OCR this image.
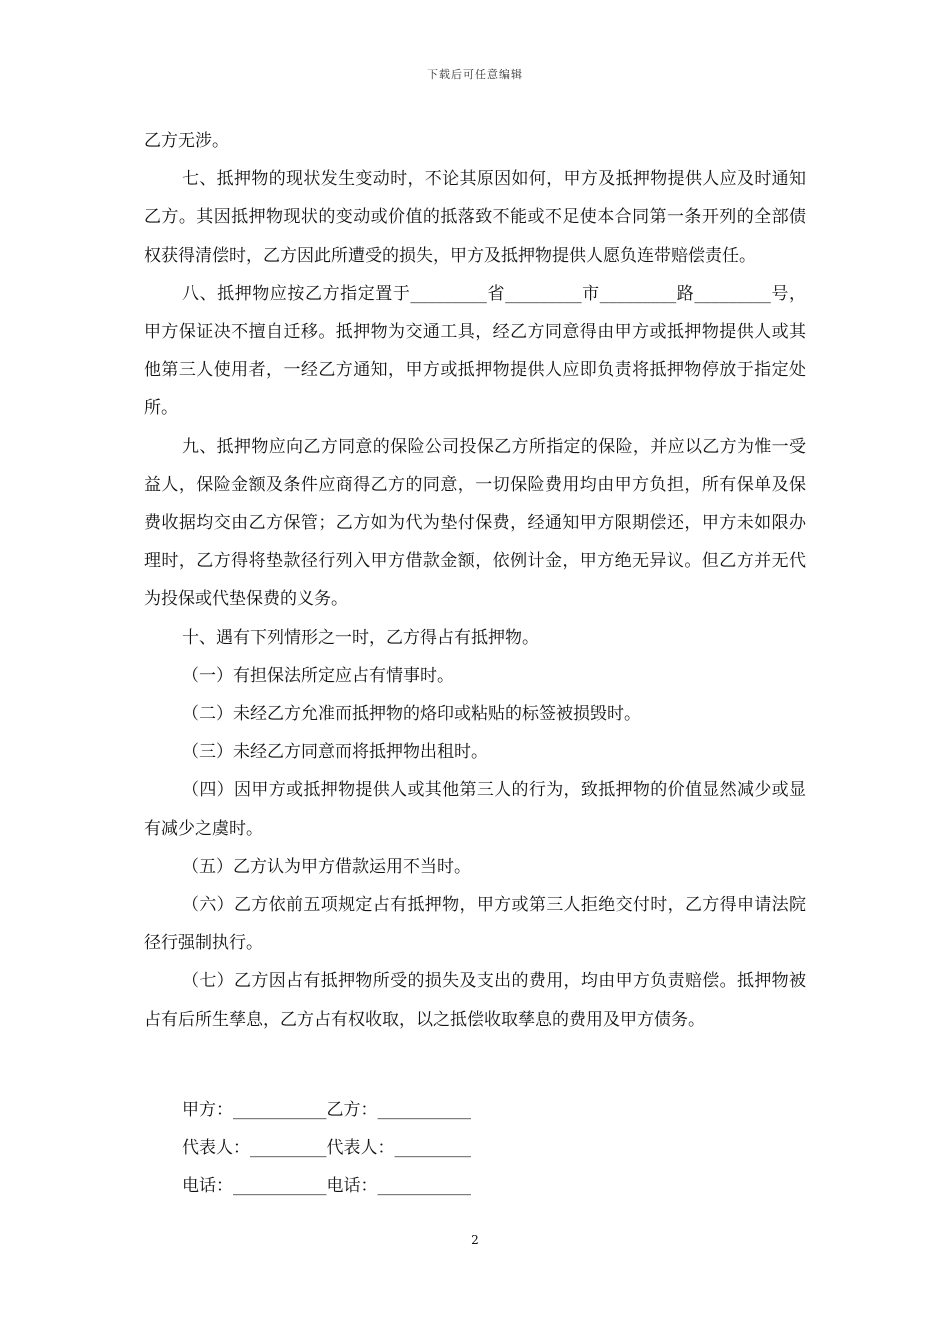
下载后可任意编辑

乙方无涉。

七、抵押物的现状发生变动时，不论其原因如何，甲方及抵押物提供人应及时通知乙方。其因抵押物现状的变动或价值的抵落致不能或不足使本合同第一条开列的全部债权获得清偿时，乙方因此所遭受的损失，甲方及抵押物提供人愿负连带赔偿责任。

八、抵押物应按乙方指定置于_________省_________市_________路_________号，甲方保证决不擅自迁移。抵押物为交通工具，经乙方同意得由甲方或抵押物提供人或其他第三人使用者，一经乙方通知，甲方或抵押物提供人应即负责将抵押物停放于指定处所。

九、抵押物应向乙方同意的保险公司投保乙方所指定的保险，并应以乙方为惟一受益人，保险金额及条件应商得乙方的同意，一切保险费用均由甲方负担，所有保单及保费收据均交由乙方保管；乙方如为代为垫付保费，经通知甲方限期偿还，甲方未如限办理时，乙方得将垫款径行列入甲方借款金额，依例计金，甲方绝无异议。但乙方并无代为投保或代垫保费的义务。

十、遇有下列情形之一时，乙方得占有抵押物。

（一）有担保法所定应占有情事时。

（二）未经乙方允准而抵押物的烙印或粘贴的标签被损毁时。

（三）未经乙方同意而将抵押物出租时。

（四）因甲方或抵押物提供人或其他第三人的行为，致抵押物的价值显然减少或显有减少之虞时。

（五）乙方认为甲方借款运用不当时。

（六）乙方依前五项规定占有抵押物，甲方或第三人拒绝交付时，乙方得申请法院径行强制执行。

（七）乙方因占有抵押物所受的损失及支出的费用，均由甲方负责赔偿。抵押物被占有后所生孳息，乙方占有权收取，以之抵偿收取孳息的费用及甲方债务。

甲方：___________乙方：___________
代表人：_________代表人：_________
电话：___________电话：___________
2
